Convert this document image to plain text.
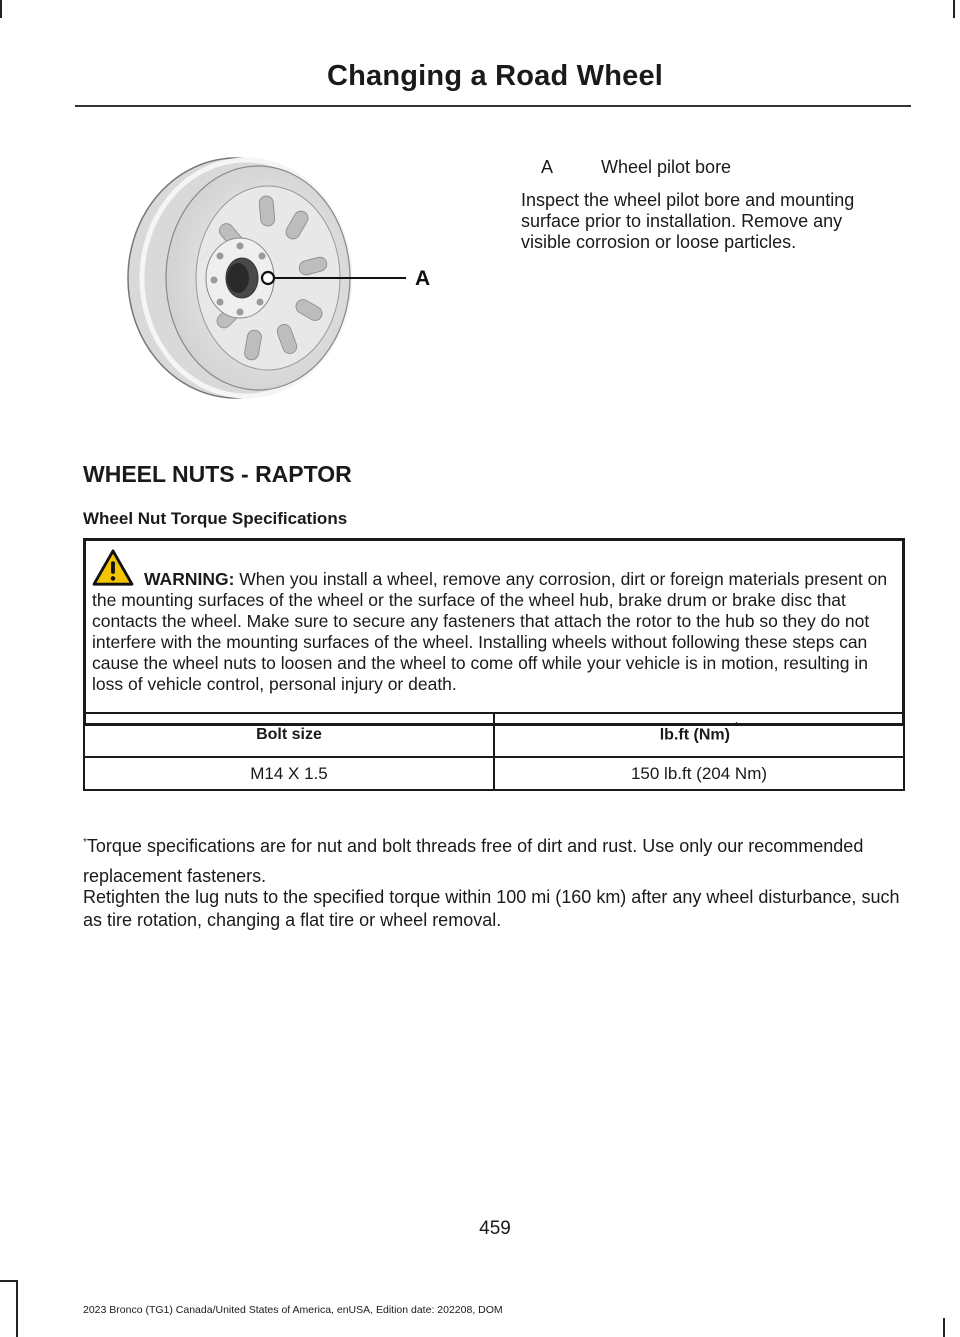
Changing a Road Wheel
A
A	Wheel pilot bore
Inspect the wheel pilot bore and mounting surface prior to installation. Remove any visible corrosion or loose particles.
WHEEL NUTS - RAPTOR
Wheel Nut Torque Specifications
WARNING: When you install a wheel, remove any corrosion, dirt or foreign materials present on the mounting surfaces of the wheel or the surface of the wheel hub, brake drum or brake disc that contacts the wheel. Make sure to secure any fasteners that attach the rotor to the hub so they do not interfere with the mounting surfaces of the wheel. Installing wheels without following these steps can cause the wheel nuts to loosen and the wheel to come off while your vehicle is in motion, resulting in loss of vehicle control, personal injury or death.
Bolt size	lb.ft (Nm) *
M14 X 1.5	150 lb.ft (204 Nm)
*Torque specifications are for nut and bolt threads free of dirt and rust. Use only our recommended replacement fasteners.
Retighten the lug nuts to the specified torque within 100 mi (160 km) after any wheel disturbance, such as tire rotation, changing a flat tire or wheel removal.
459
2023 Bronco (TG1) Canada/United States of America, enUSA, Edition date: 202208, DOM
